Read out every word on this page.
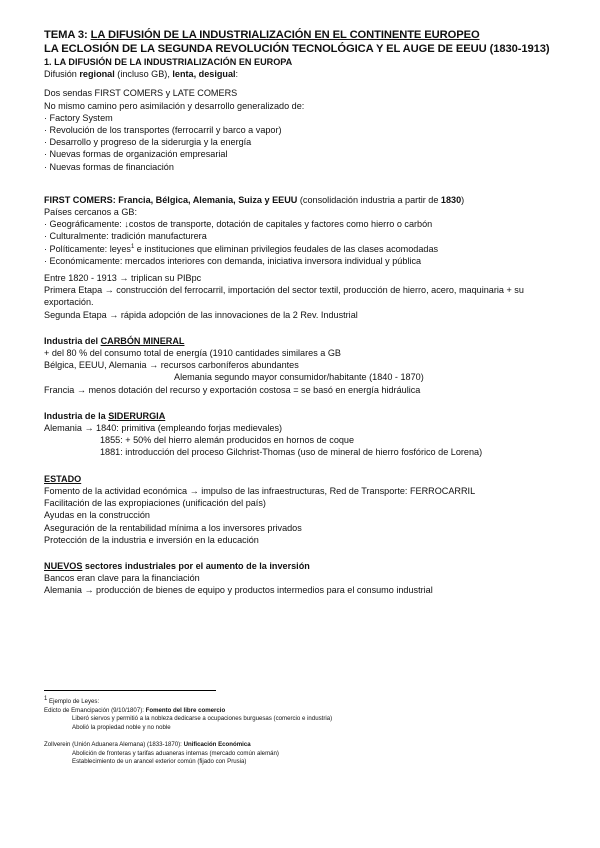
TEMA 3: LA DIFUSIÓN DE LA INDUSTRIALIZACIÓN EN EL CONTINENTE EUROPEO
LA ECLOSIÓN DE LA SEGUNDA REVOLUCIÓN TECNOLÓGICA Y EL AUGE DE EEUU (1830-1913)
1. LA DIFUSIÓN DE LA INDUSTRIALIZACIÓN EN EUROPA
Difusión regional (incluso GB), lenta, desigual:
Dos sendas FIRST COMERS y LATE COMERS
No mismo camino pero asimilación y desarrollo generalizado de:
· Factory System
· Revolución de los transportes (ferrocarril y barco a vapor)
· Desarrollo y progreso de la siderurgia y la energía
· Nuevas formas de organización empresarial
· Nuevas formas de financiación
FIRST COMERS: Francia, Bélgica, Alemania, Suiza y EEUU (consolidación industria a partir de 1830)
Países cercanos a GB:
· Geográficamente: ↓costos de transporte, dotación de capitales y factores como hierro o carbón
· Culturalmente: tradición manufacturera
· Políticamente: leyes$^1$ e instituciones que eliminan privilegios feudales de las clases acomodadas
· Económicamente: mercados interiores con demanda, iniciativa inversora individual y pública
Entre 1820 - 1913 → triplican su PIBpc
Primera Etapa → construcción del ferrocarril, importación del sector textil, producción de hierro, acero, maquinaria + su exportación.
Segunda Etapa → rápida adopción de las innovaciones de la 2 Rev. Industrial
Industria del CARBÓN MINERAL
+ del 80 % del consumo total de energía (1910 cantidades similares a GB
Bélgica, EEUU, Alemania → recursos carboníferos abundantes
Alemania segundo mayor consumidor/habitante (1840 - 1870)
Francia → menos dotación del recurso y exportación costosa = se basó en energía hidráulica
Industria de la SIDERURGIA
Alemania → 1840: primitiva (empleando forjas medievales)
1855: + 50% del hierro alemán producidos en hornos de coque
1881: introducción del proceso Gilchrist-Thomas (uso de mineral de hierro fosfórico de Lorena)
ESTADO
Fomento de la actividad económica → impulso de las infraestructuras, Red de Transporte: FERROCARRIL
Facilitación de las expropiaciones (unificación del país)
Ayudas en la construcción
Aseguración de la rentabilidad mínima a los inversores privados
Protección de la industria e inversión en la educación
NUEVOS sectores industriales por el aumento de la inversión
Bancos eran clave para la financiación
Alemania → producción de bienes de equipo y productos intermedios para el consumo industrial
$^1$ Ejemplo de Leyes:
Edicto de Emancipación (9/10/1807): Fomento del libre comercio
Liberó siervos y permitió a la nobleza dedicarse a ocupaciones burguesas (comercio e industria)
Abolió la propiedad noble y no noble
Zollverein (Unión Aduanera Alemana) (1833-1870): Unificación Económica
Abolición de fronteras y tarifas aduaneras internas (mercado común alemán)
Establecimiento de un arancel exterior común (fijado con Prusia)
